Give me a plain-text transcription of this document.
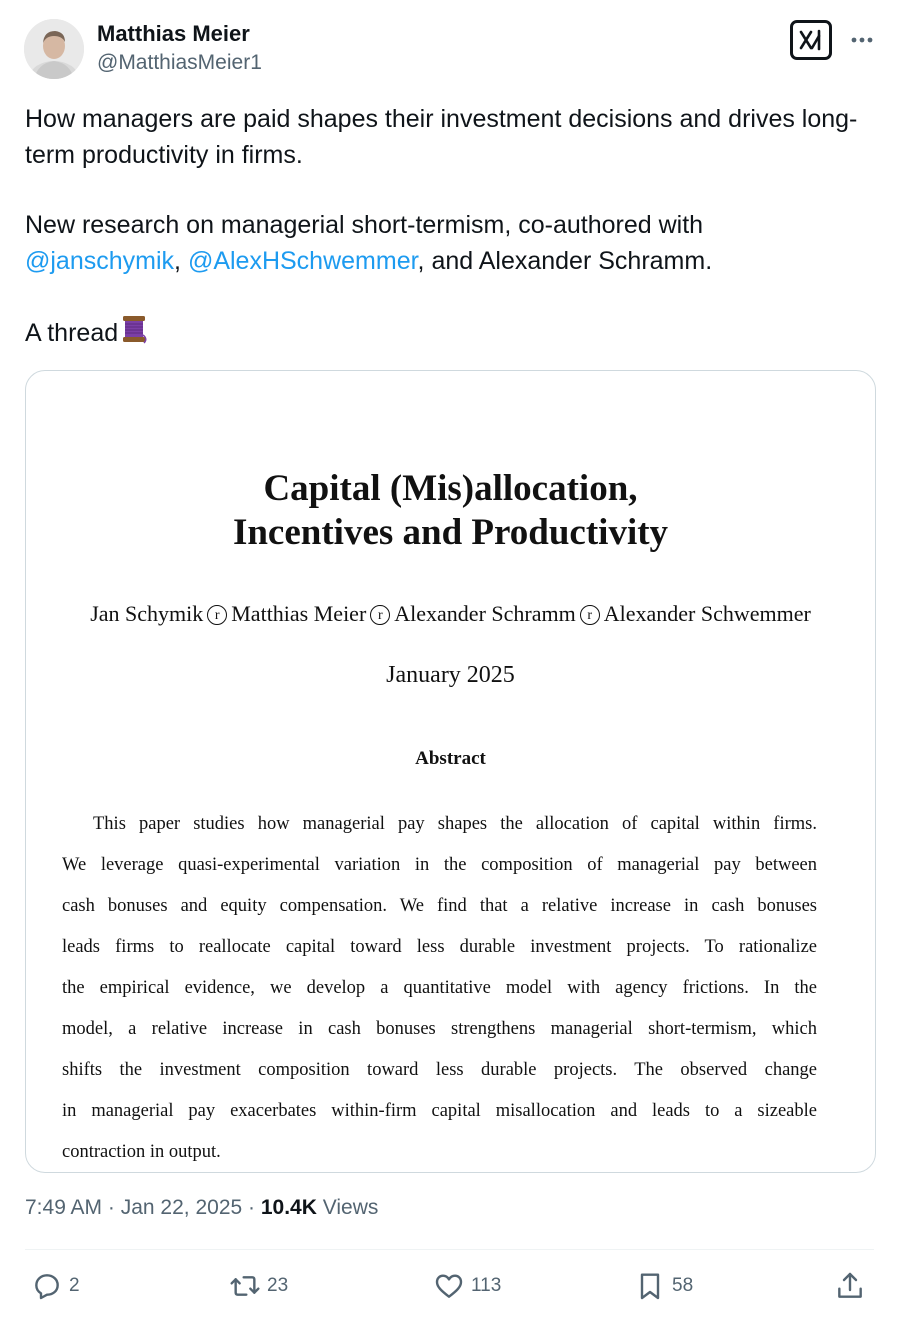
Matthias Meier
@MatthiasMeier1

How managers are paid shapes their investment decisions and drives long-term productivity in firms.

New research on managerial short-termism, co-authored with
@janschymik, @AlexHSchwemmer, and Alexander Schramm.

A thread

Capital (Mis)allocation,
Incentives and Productivity
Jan Schymik r Matthias Meier r Alexander Schramm r Alexander Schwemmer
January 2025
Abstract
This paper studies how managerial pay shapes the allocation of capital within firms.
We leverage quasi-experimental variation in the composition of managerial pay between
cash bonuses and equity compensation. We find that a relative increase in cash bonuses
leads firms to reallocate capital toward less durable investment projects. To rationalize
the empirical evidence, we develop a quantitative model with agency frictions. In the
model, a relative increase in cash bonuses strengthens managerial short-termism, which
shifts the investment composition toward less durable projects. The observed change
in managerial pay exacerbates within-firm capital misallocation and leads to a sizeable
contraction in output.
7:49 AM · Jan 22, 2025 · 10.4K Views
2	23	113	58
